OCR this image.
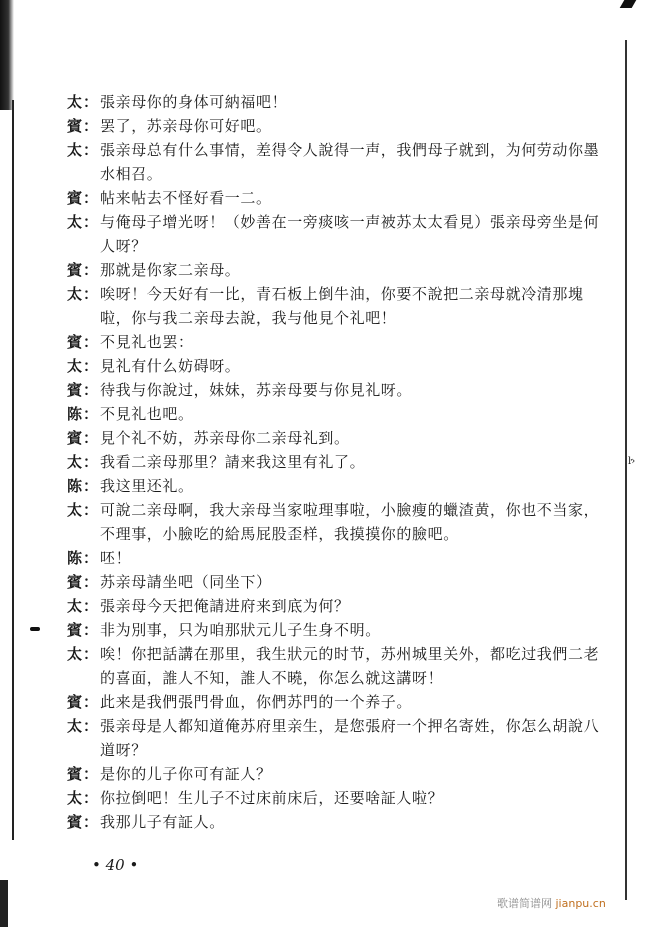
ŀ›
太： 張亲母你的身体可納福吧！
賓： 罢了，苏亲母你可好吧。
太： 張亲母总有什么事情，差得令人說得一声，我們母子就到，为何劳动你墨水相召。
賓： 帖来帖去不怪好看一二。
太： 与俺母子增光呀！（妙善在一旁痰咳一声被苏太太看見）張亲母旁坐是何人呀？
賓： 那就是你家二亲母。
太： 唉呀！今天好有一比，青石板上倒牛油，你要不說把二亲母就冷清那塊啦，你与我二亲母去說，我与他見个礼吧！
賓： 不見礼也罢：
太： 見礼有什么妨碍呀。
賓： 待我与你說过，妹妹，苏亲母要与你見礼呀。
陈： 不見礼也吧。
賓： 見个礼不妨，苏亲母你二亲母礼到。
太： 我看二亲母那里？請来我这里有礼了。
陈： 我这里还礼。
太： 可說二亲母啊，我大亲母当家啦理事啦，小臉瘦的蠟渣黄，你也不当家，不理事，小臉吃的給馬屁股歪样，我摸摸你的臉吧。
陈： 呸！
賓： 苏亲母請坐吧（同坐下）
太： 張亲母今天把俺請进府来到底为何？
賓： 非为別事，只为咱那狀元儿子生身不明。
太： 唉！你把話講在那里，我生狀元的时节，苏州城里关外，都吃过我們二老的喜面，誰人不知，誰人不曉，你怎么就这講呀！
賓： 此来是我們張門骨血，你們苏門的一个养子。
太： 張亲母是人都知道俺苏府里亲生，是您張府一个押名寄姓，你怎么胡說八道呀？
賓： 是你的儿子你可有証人？
太： 你拉倒吧！生儿子不过床前床后，还要啥証人啦？
賓： 我那儿子有証人。
• 40 •
歌谱简谱网 jianpu.cn
